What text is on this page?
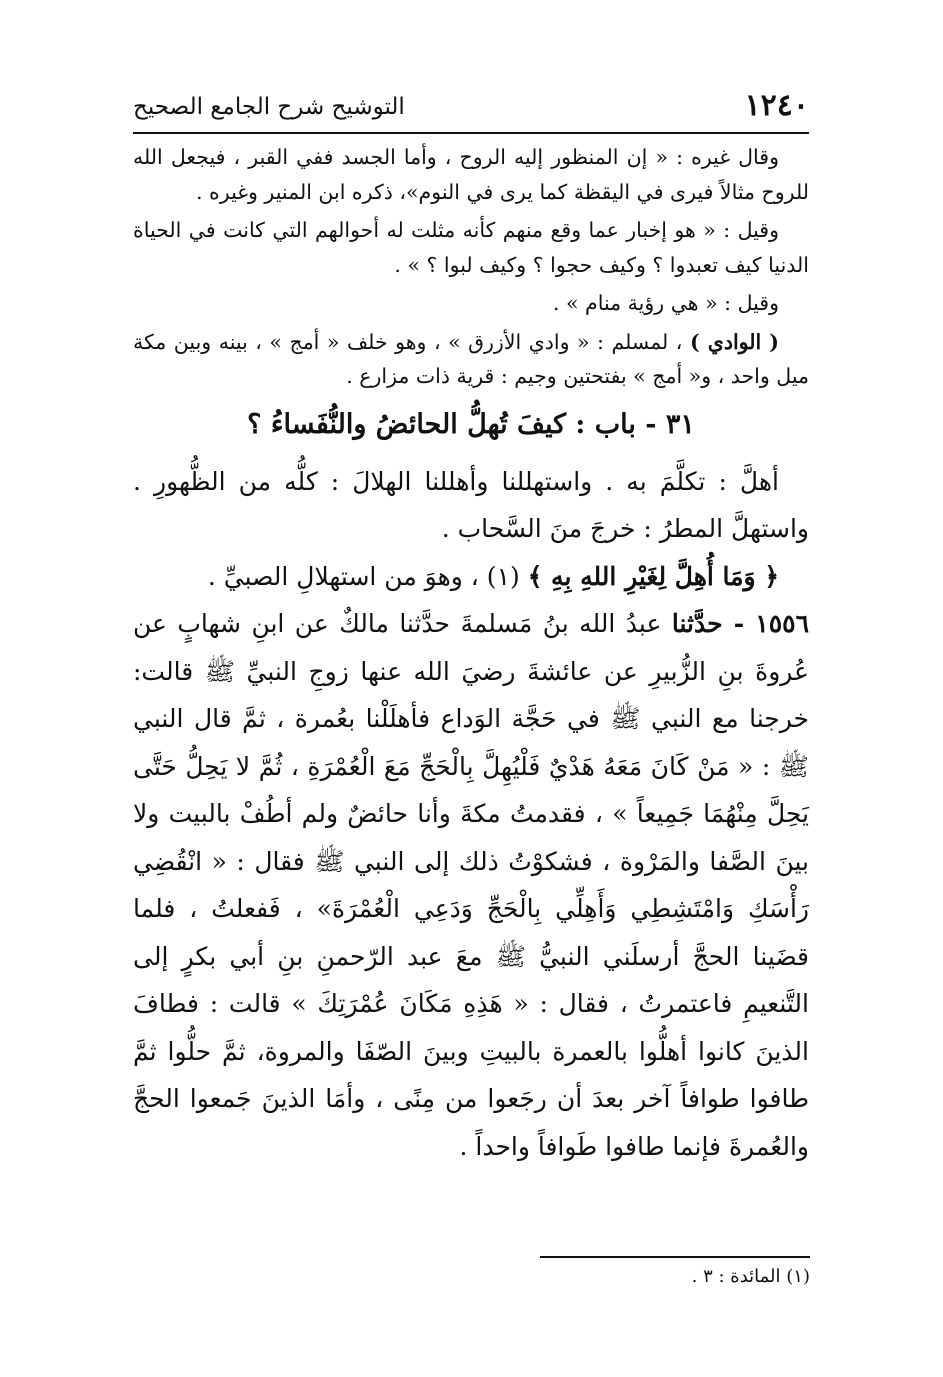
١٢٤٠
التوشيح شرح الجامع الصحيح

وقال غيره : « إن المنظور إليه الروح ، وأما الجسد ففي القبر ، فيجعل الله للروح مثالاً فيرى في اليقظة كما يرى في النوم»، ذكره ابن المنير وغيره .

وقيل : « هو إخبار عما وقع منهم كأنه مثلت له أحوالهم التي كانت في الحياة الدنيا كيف تعبدوا ؟ وكيف حجوا ؟ وكيف لبوا ؟ » .

وقيل : « هي رؤية منام » .

( الوادي ) ، لمسلم : « وادي الأزرق » ، وهو خلف « أمج » ، بينه وبين مكة ميل واحد ، و« أمج » بفتحتين وجيم : قرية ذات مزارع .

٣١ - باب : كيفَ تُهلُّ الحائضُ والنُّفَساءُ ؟

أهلَّ : تكلَّمَ به . واستهللنا وأهللنا الهلالَ : كلُّه من الظُّهورِ . واستهلَّ المطرُ : خرجَ منَ السَّحاب .

﴿ وَمَا أُهِلَّ لِغَيْرِ اللهِ بِهِ ﴾ (١) ، وهوَ من استهلالِ الصبيِّ .

١٥٥٦ - حدَّثنا عبدُ الله بنُ مَسلمةَ حدَّثنا مالكٌ عن ابنِ شهابٍ عن عُروةَ بنِ الزُّبيرِ عن عائشةَ رضيَ الله عنها زوجِ النبيِّ ﷺ قالت: خرجنا مع النبي ﷺ في حَجَّة الوَداع فأهلَلْنا بعُمرة ، ثمَّ قال النبي ﷺ : « مَنْ كَانَ مَعَهُ هَدْيٌ فَلْيُهِلَّ بِالْحَجِّ مَعَ الْعُمْرَةِ ، ثُمَّ لا يَحِلُّ حَتَّى يَحِلَّ مِنْهُمَا جَمِيعاً » ، فقدمتُ مكةَ وأنا حائضٌ ولم أطُفْ بالبيت ولا بينَ الصَّفا والمَرْوة ، فشكوْتُ ذلك إلى النبي ﷺ فقال : « انْقُضِي رَأْسَكِ وَامْتَشِطِي وَأَهِلِّي بِالْحَجِّ وَدَعِي الْعُمْرَةَ» ، فَفعلتُ ، فلما قضَينا الحجَّ أرسلَني النبيُّ ﷺ معَ عبد الرّحمنِ بنِ أبي بكرٍ إلى التَّنعيمِ فاعتمرتُ ، فقال : « هَذِهِ مَكَانَ عُمْرَتِكَ » قالت : فطافَ الذينَ كانوا أهلُّوا بالعمرة بالبيتِ وبينَ الصّفَا والمروة، ثمَّ حلُّوا ثمَّ طافوا طوافاً آخر بعدَ أن رجَعوا من مِنًى ، وأمَا الذينَ جَمعوا الحجَّ والعُمرةَ فإنما طافوا طَوافاً واحداً .

(١) المائدة : ٣ .
